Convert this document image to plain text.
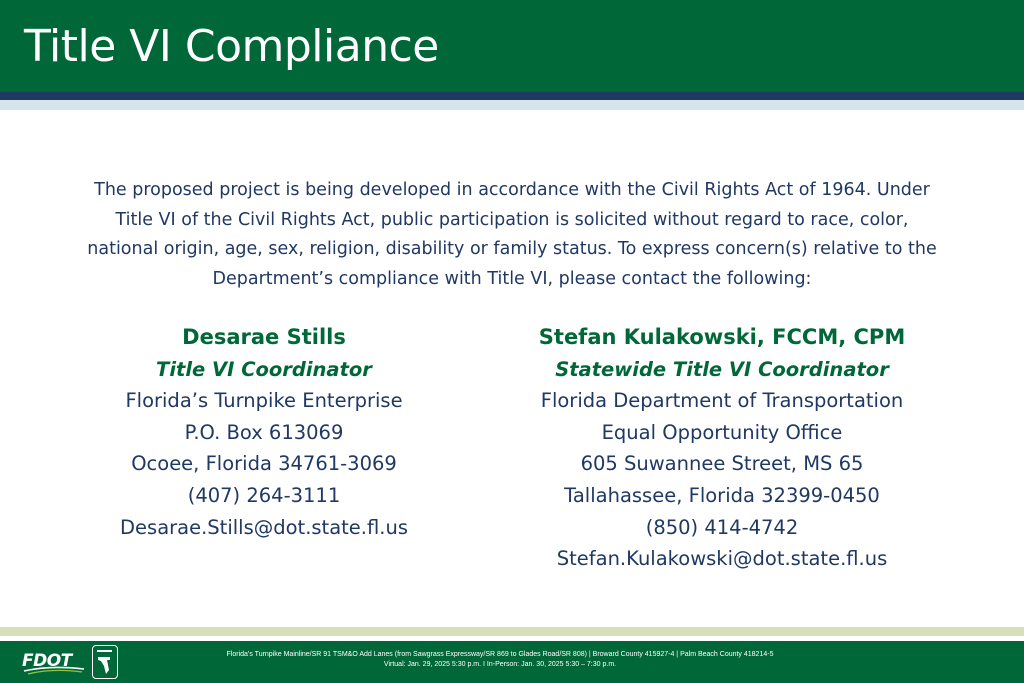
Title VI Compliance

The proposed project is being developed in accordance with the Civil Rights Act of 1964. Under
Title VI of the Civil Rights Act, public participation is solicited without regard to race, color,
national origin, age, sex, religion, disability or family status. To express concern(s) relative to the
Department’s compliance with Title VI, please contact the following:

Desarae Stills
Title VI Coordinator
Florida’s Turnpike Enterprise
P.O. Box 613069
Ocoee, Florida 34761-3069
(407) 264-3111
Desarae.Stills@dot.state.fl.us
Stefan Kulakowski, FCCM, CPM
Statewide Title VI Coordinator
Florida Department of Transportation
Equal Opportunity Office
605 Suwannee Street, MS 65
Tallahassee, Florida 32399-0450
(850) 414-4742
Stefan.Kulakowski@dot.state.fl.us
FDOT	Florida’s Turnpike Mainline/SR 91 TSM&O Add Lanes (from Sawgrass Expressway/SR 869 to Glades Road/SR 808) | Broward County 415927-4 | Palm Beach County 418214-5
Virtual: Jan. 29, 2025 5:30 p.m. I In-Person: Jan. 30, 2025 5:30 – 7:30 p.m.
